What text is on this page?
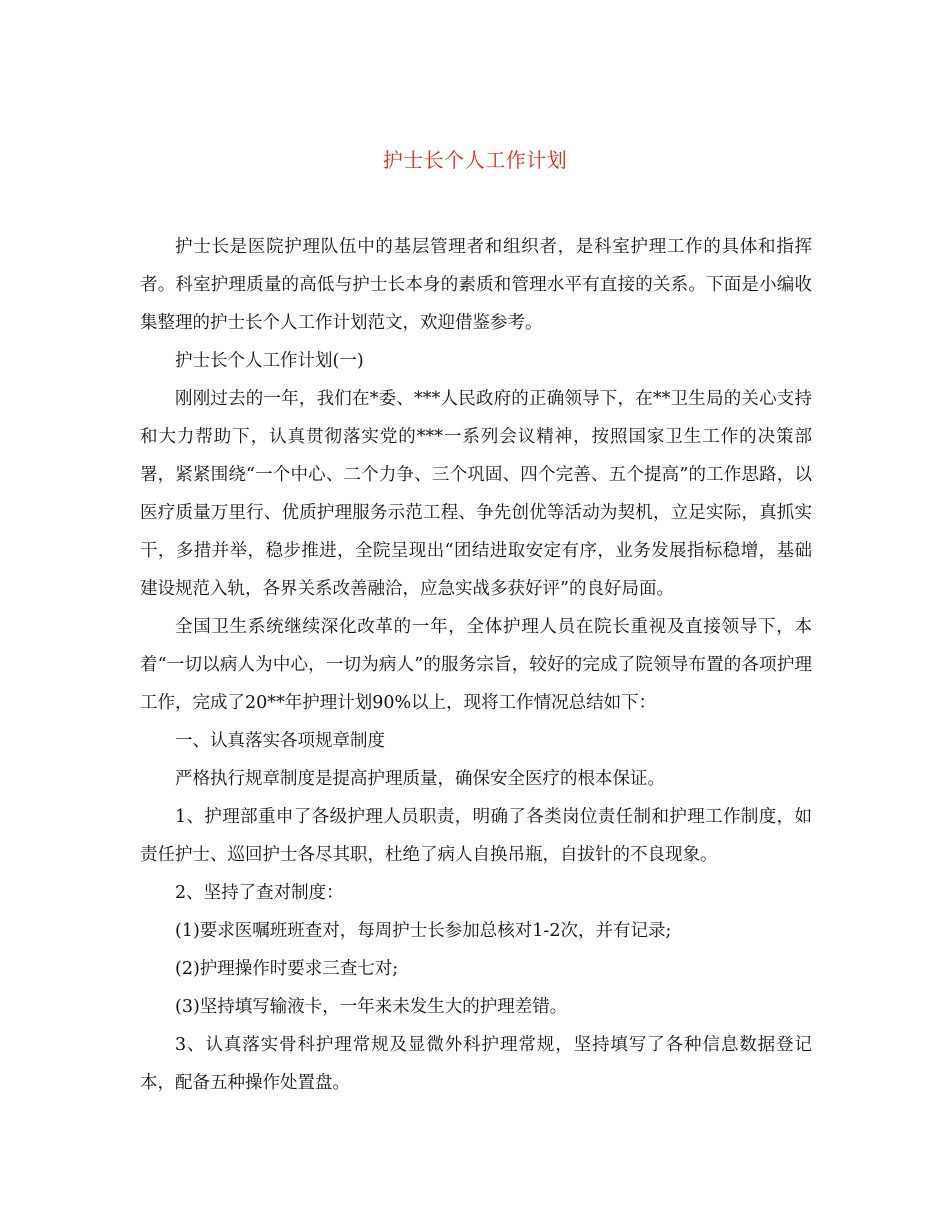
护士长个人工作计划

护士长是医院护理队伍中的基层管理者和组织者，是科室护理工作的具体和指挥者。科室护理质量的高低与护士长本身的素质和管理水平有直接的关系。下面是小编收集整理的护士长个人工作计划范文，欢迎借鉴参考。

护士长个人工作计划(一)

刚刚过去的一年，我们在*委、***人民政府的正确领导下，在**卫生局的关心支持和大力帮助下，认真贯彻落实党的***一系列会议精神，按照国家卫生工作的决策部署，紧紧围绕“一个中心、二个力争、三个巩固、四个完善、五个提高”的工作思路，以医疗质量万里行、优质护理服务示范工程、争先创优等活动为契机，立足实际，真抓实干，多措并举，稳步推进，全院呈现出“团结进取安定有序，业务发展指标稳增，基础建设规范入轨，各界关系改善融洽，应急实战多获好评”的良好局面。

全国卫生系统继续深化改革的一年，全体护理人员在院长重视及直接领导下，本着“一切以病人为中心，一切为病人”的服务宗旨，较好的完成了院领导布置的各项护理工作，完成了20**年护理计划90%以上，现将工作情况总结如下：

一、认真落实各项规章制度

严格执行规章制度是提高护理质量，确保安全医疗的根本保证。

1、护理部重申了各级护理人员职责，明确了各类岗位责任制和护理工作制度，如责任护士、巡回护士各尽其职，杜绝了病人自换吊瓶，自拔针的不良现象。

2、坚持了查对制度：

(1)要求医嘱班班查对，每周护士长参加总核对1-2次，并有记录;

(2)护理操作时要求三查七对;

(3)坚持填写输液卡，一年来未发生大的护理差错。

3、认真落实骨科护理常规及显微外科护理常规，坚持填写了各种信息数据登记本，配备五种操作处置盘。
